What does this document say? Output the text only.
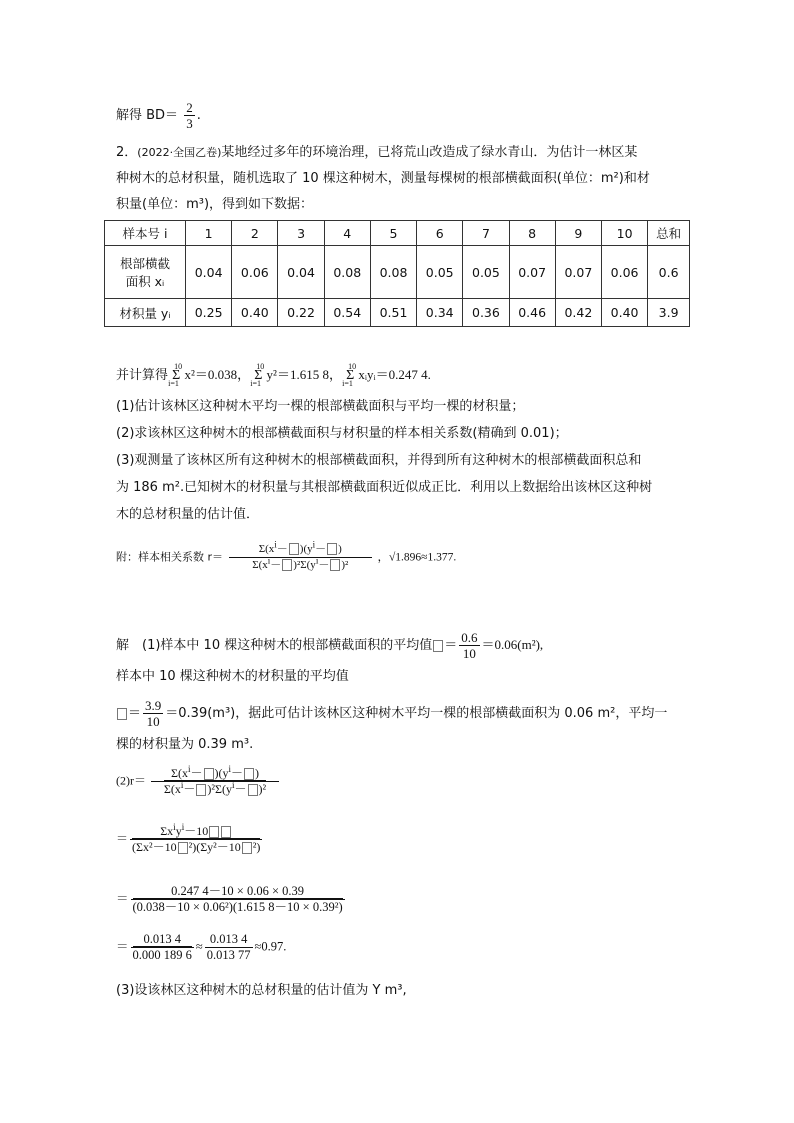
解得 $BD= \frac{2}{3}$ .
2．(2022·全国乙卷)某地经过多年的环境治理，已将荒山改造成了绿水青山．为估计一林区某
种树木的总材积量，随机选取了 10 棵这种树木，测量每棵树的根部横截面积(单位：m²)和材
积量(单位：m³)，得到如下数据：
样本号 i	1	2	3	4	5	6	7	8	9	10	总和
根部横截
面积 xᵢ	0.04	0.06	0.04	0.08	0.08	0.05	0.05	0.07	0.07	0.06	0.6
材积量 yᵢ	0.25	0.40	0.22	0.54	0.51	0.34	0.36	0.46	0.42	0.40	3.9
并计算得 Σ
10
i=1
x²＝0.038， Σ
10
i=1
y²＝1.615 8， Σ
10
i=1
xᵢyᵢ＝0.247 4.
(1)估计该林区这种树木平均一棵的根部横截面积与平均一棵的材积量；
(2)求该林区这种树木的根部横截面积与材积量的样本相关系数(精确到 0.01)；
(3)观测量了该林区所有这种树木的根部横截面积，并得到所有这种树木的根部横截面积总和
为 186 m².已知树木的材积量与其根部横截面积近似成正比．利用以上数据给出该林区这种树
木的总材积量的估计值．
附：样本相关系数 $r= \frac{\Sigma(x^i- )(y^i- )}{\Sigma(x^i- )^2\Sigma(y^i- )^2}$ ，√1.896≈1.377.
解　(1)样本中 10 棵这种树木的根部横截面积的平均值 ＝ $\frac{0.6}{10} =0.06(m^2)$,
样本中 10 棵这种树木的材积量的平均值
＝ $\frac{3.9}{10} =0.39(m^3)$，据此可估计该林区这种树木平均一棵的根部横截面积为 0.06 m²，平均一
棵的材积量为 0.39 m³.
$(2)r= \frac{\Sigma(x^i- )(y^i- )}{\Sigma(x^i- )^2\Sigma(y^i- )^2}$
＝ $\frac{\Sigma x^iy^i-10}{\text{(Σx²－10 ²)(Σy²－10 ²)}}$
＝ $\frac{0.247 4-10 \times 0.06 \times 0.39}{\text{(0.038－10 × 0.06²)(1.615 8－10 × 0.39²)}}$
＝ $\frac{0.013 4}{0.000 189 6} \approx \frac{0.013 4}{0.013 77} \approx 0.97$.
(3)设该林区这种树木的总材积量的估计值为 Y m³,
